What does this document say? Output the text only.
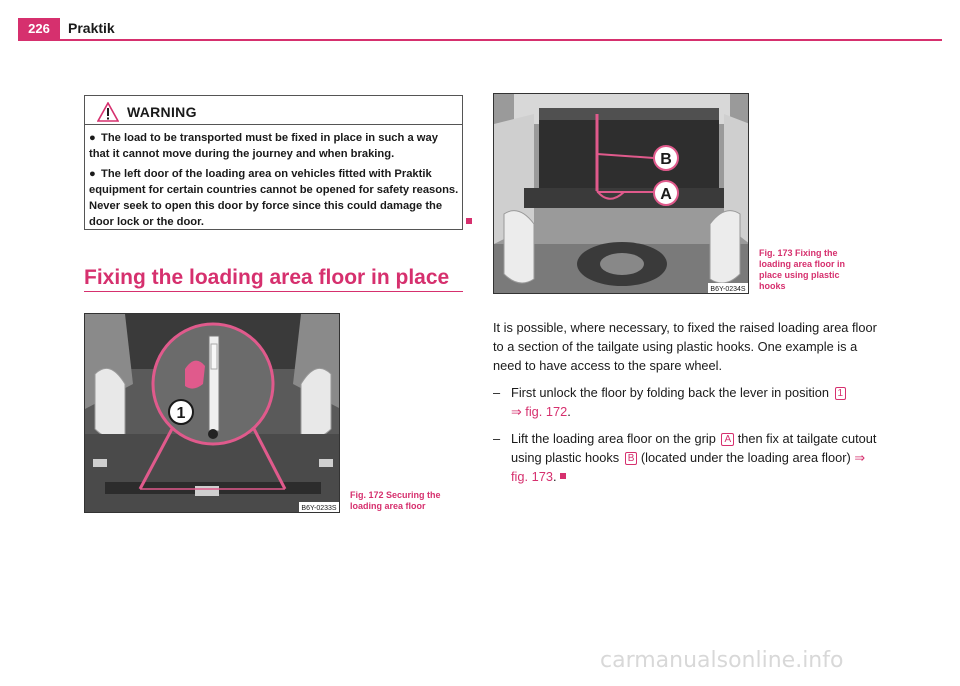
226	Praktik
WARNING

● The load to be transported must be fixed in place in such a way that it cannot move during the journey and when braking.

● The left door of the loading area on vehicles fitted with Praktik equipment for certain countries cannot be opened for safety reasons. Never seek to open this door by force since this could damage the door lock or the door.

Fixing the loading area floor in place
1
B6Y-0233S
Fig. 172 Securing the loading area floor
B
A
B6Y-0234S
Fig. 173 Fixing the loading area floor in place using plastic hooks

It is possible, where necessary, to fixed the raised loading area floor to a section of the tailgate using plastic hooks. One example is a need to have access to the spare wheel.

– First unlock the floor by folding back the lever in position 1
⇒ fig. 172.

– Lift the loading area floor on the grip A then fix at tailgate cutout using plastic hooks B (located under the loading area floor) ⇒ fig. 173.

carmanualsonline.info
